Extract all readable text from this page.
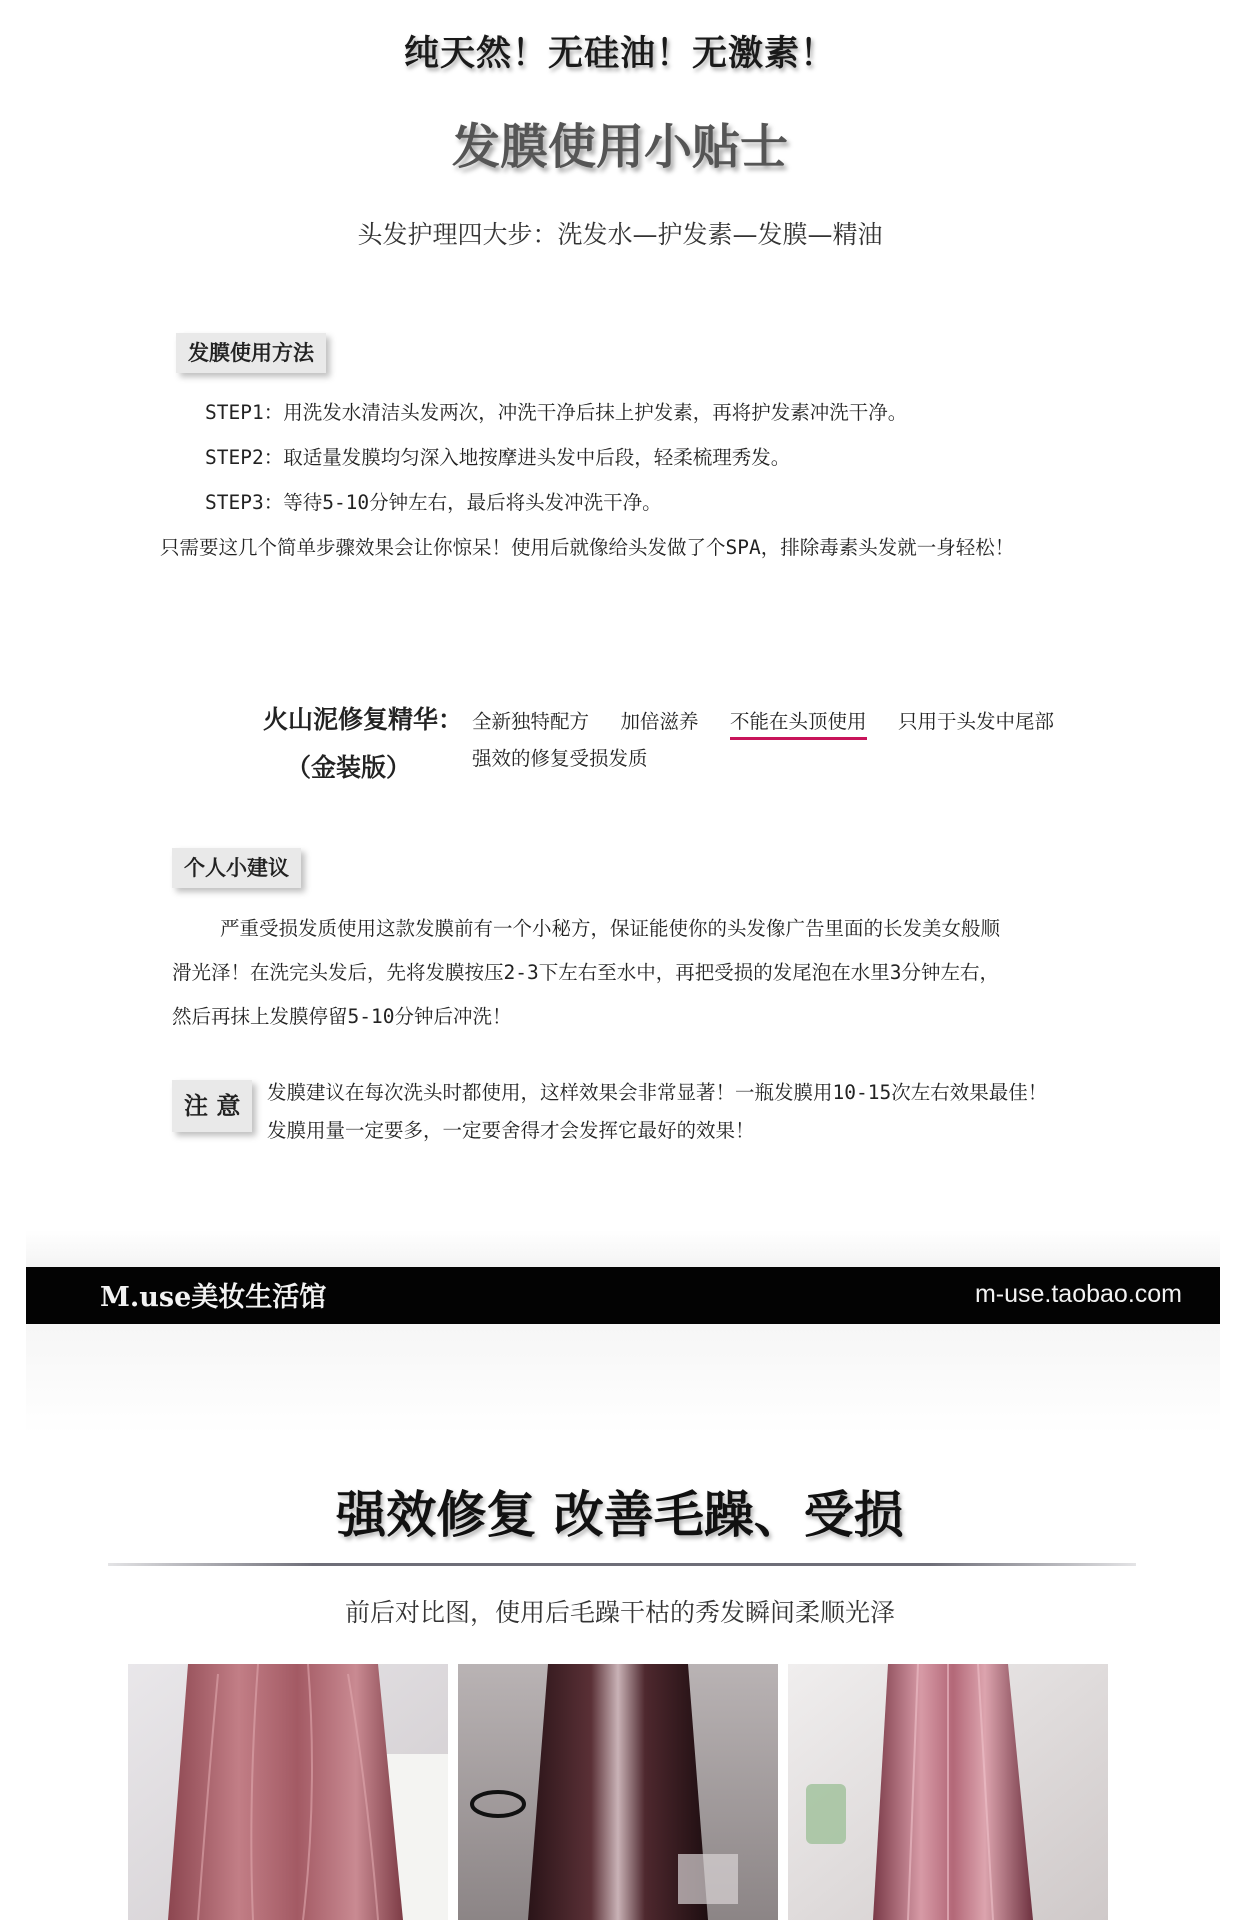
纯天然！无硅油！无激素！
发膜使用小贴士
头发护理四大步：洗发水—护发素—发膜—精油
发膜使用方法
STEP1：用洗发水清洁头发两次，冲洗干净后抹上护发素，再将护发素冲洗干净。
STEP2：取适量发膜均匀深入地按摩进头发中后段，轻柔梳理秀发。
STEP3：等待5-10分钟左右，最后将头发冲洗干净。
只需要这几个简单步骤效果会让你惊呆！使用后就像给头发做了个SPA，排除毒素头发就一身轻松！
火山泥修复精华：
（金装版）
全新独特配方 加倍滋养 不能在头顶使用 只用于头发中尾部
强效的修复受损发质
个人小建议
严重受损发质使用这款发膜前有一个小秘方，保证能使你的头发像广告里面的长发美女般顺
滑光泽！在洗完头发后，先将发膜按压2-3下左右至水中，再把受损的发尾泡在水里3分钟左右，
然后再抹上发膜停留5-10分钟后冲洗！
注 意	发膜建议在每次洗头时都使用，这样效果会非常显著！一瓶发膜用10-15次左右效果最佳！
发膜用量一定要多，一定要舍得才会发挥它最好的效果！
M.use美妆生活馆	m-use.taobao.com
强效修复 改善毛躁、受损
前后对比图，使用后毛躁干枯的秀发瞬间柔顺光泽
